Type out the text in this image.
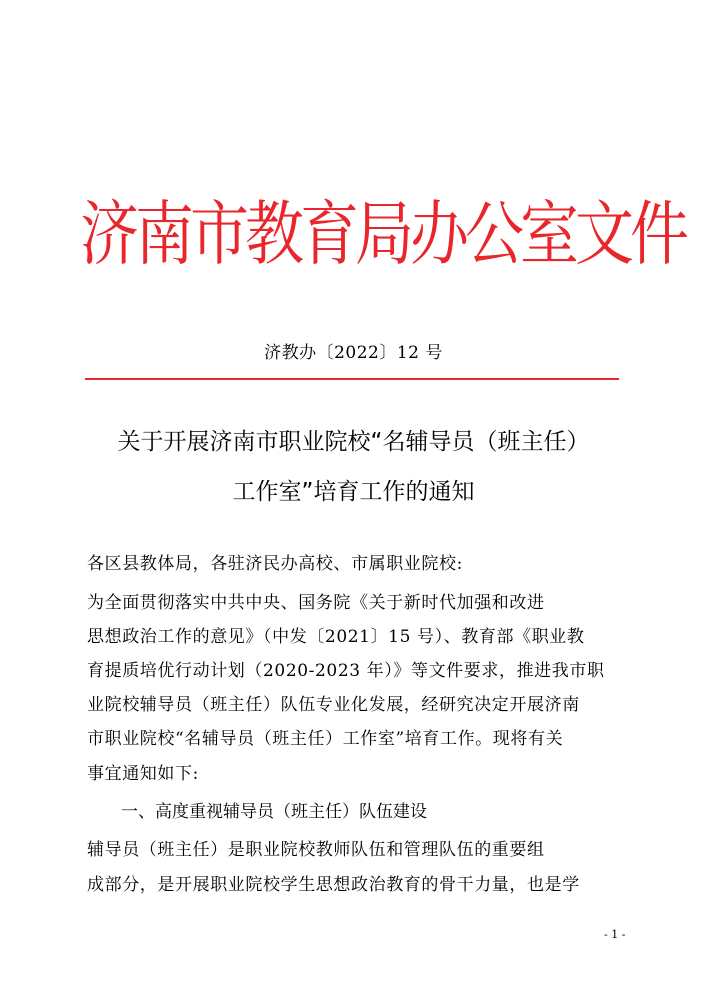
济南市教育局办公室文件
济教办〔2022〕12 号
关于开展济南市职业院校“名辅导员（班主任）
工作室”培育工作的通知
各区县教体局，各驻济民办高校、市属职业院校:
为全面贯彻落实中共中央、国务院《关于新时代加强和改进
思想政治工作的意见》（中发〔2021〕15 号）、教育部《职业教
育提质培优行动计划（2020-2023 年）》等文件要求，推进我市职
业院校辅导员（班主任）队伍专业化发展，经研究决定开展济南
市职业院校“名辅导员（班主任）工作室”培育工作。现将有关
事宜通知如下:
一、高度重视辅导员（班主任）队伍建设
辅导员（班主任）是职业院校教师队伍和管理队伍的重要组
成部分，是开展职业院校学生思想政治教育的骨干力量，也是学
- 1 -
